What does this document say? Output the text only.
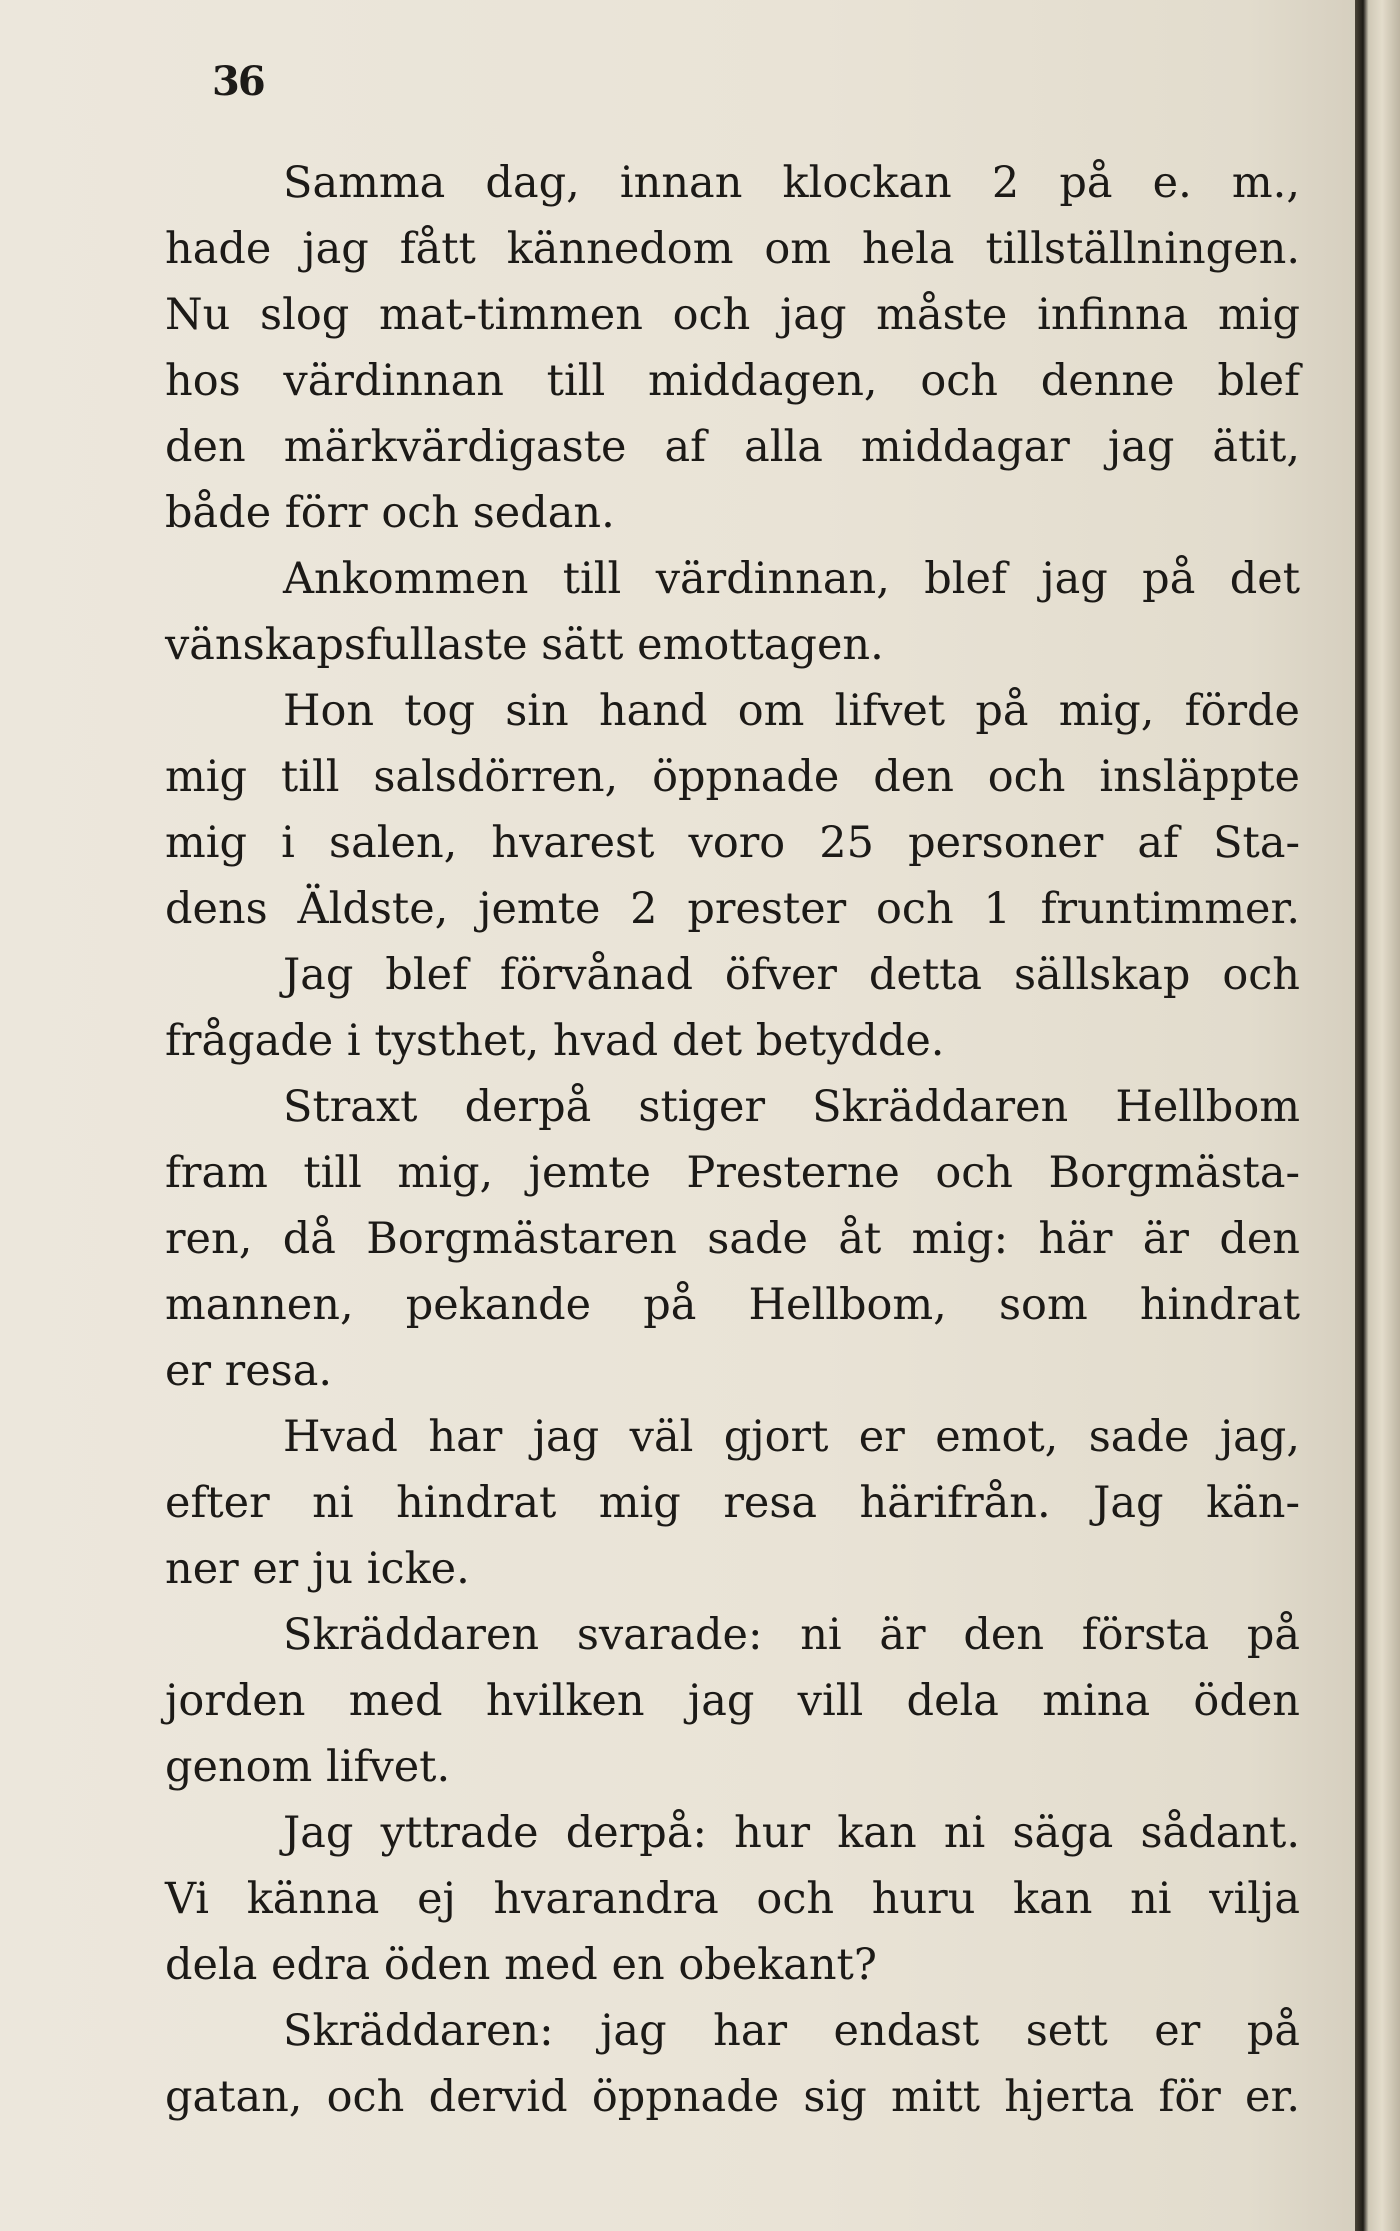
36
Samma dag, innan klockan 2 på e. m.,
hade jag fått kännedom om hela tillställningen.
Nu slog mat-timmen och jag måste infinna mig
hos värdinnan till middagen, och denne blef
den märkvärdigaste af alla middagar jag ätit,
både förr och sedan.
Ankommen till värdinnan, blef jag på det
vänskapsfullaste sätt emottagen.
Hon tog sin hand om lifvet på mig, förde
mig till salsdörren, öppnade den och insläppte
mig i salen, hvarest voro 25 personer af Sta-
dens Äldste, jemte 2 prester och 1 fruntimmer.
Jag blef förvånad öfver detta sällskap och
frågade i tysthet, hvad det betydde.
Straxt derpå stiger Skräddaren Hellbom
fram till mig, jemte Presterne och Borgmästa-
ren, då Borgmästaren sade åt mig: här är den
mannen, pekande på Hellbom, som hindrat
er resa.
Hvad har jag väl gjort er emot, sade jag,
efter ni hindrat mig resa härifrån. Jag kän-
ner er ju icke.
Skräddaren svarade: ni är den första på
jorden med hvilken jag vill dela mina öden
genom lifvet.
Jag yttrade derpå: hur kan ni säga sådant.
Vi känna ej hvarandra och huru kan ni vilja
dela edra öden med en obekant?
Skräddaren: jag har endast sett er på
gatan, och dervid öppnade sig mitt hjerta för er.
